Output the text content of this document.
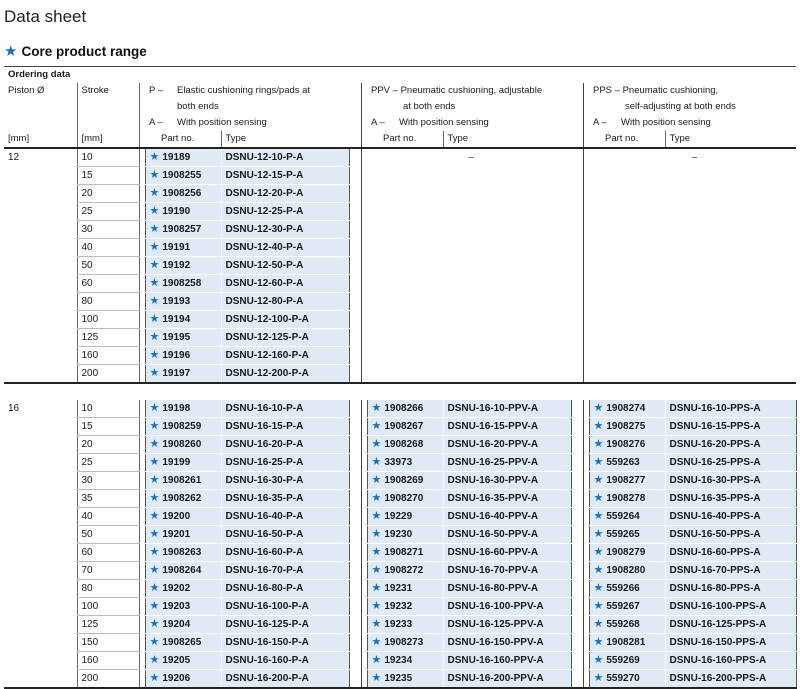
Data sheet
★ Core product range
Ordering data												
Piston Ø	Stroke		P – Elastic cushioning rings/pads at				PPV – Pneumatic cushioning, adjustable				PPS – Pneumatic cushioning,	
			both ends				at both ends				self-adjusting at both ends	
			A – With position sensing				A – With position sensing				A – With position sensing	
[mm]	[mm]		Part no.	Type			Part no.	Type			Part no.	Type
12	10		★ 19189	DSNU-12-10-P-A			–				–	
	15		★ 1908255	DSNU-12-15-P-A								
	20		★ 1908256	DSNU-12-20-P-A								
	25		★ 19190	DSNU-12-25-P-A								
	30		★ 1908257	DSNU-12-30-P-A								
	40		★ 19191	DSNU-12-40-P-A								
	50		★ 19192	DSNU-12-50-P-A								
	60		★ 1908258	DSNU-12-60-P-A								
	80		★ 19193	DSNU-12-80-P-A								
	100		★ 19194	DSNU-12-100-P-A								
	125		★ 19195	DSNU-12-125-P-A								
	160		★ 19196	DSNU-12-160-P-A								
	200		★ 19197	DSNU-12-200-P-A								

16	10		★ 19198	DSNU-16-10-P-A			★ 1908266	DSNU-16-10-PPV-A			★ 1908274	DSNU-16-10-PPS-A
	15		★ 1908259	DSNU-16-15-P-A			★ 1908267	DSNU-16-15-PPV-A			★ 1908275	DSNU-16-15-PPS-A
	20		★ 1908260	DSNU-16-20-P-A			★ 1908268	DSNU-16-20-PPV-A			★ 1908276	DSNU-16-20-PPS-A
	25		★ 19199	DSNU-16-25-P-A			★ 33973	DSNU-16-25-PPV-A			★ 559263	DSNU-16-25-PPS-A
	30		★ 1908261	DSNU-16-30-P-A			★ 1908269	DSNU-16-30-PPV-A			★ 1908277	DSNU-16-30-PPS-A
	35		★ 1908262	DSNU-16-35-P-A			★ 1908270	DSNU-16-35-PPV-A			★ 1908278	DSNU-16-35-PPS-A
	40		★ 19200	DSNU-16-40-P-A			★ 19229	DSNU-16-40-PPV-A			★ 559264	DSNU-16-40-PPS-A
	50		★ 19201	DSNU-16-50-P-A			★ 19230	DSNU-16-50-PPV-A			★ 559265	DSNU-16-50-PPS-A
	60		★ 1908263	DSNU-16-60-P-A			★ 1908271	DSNU-16-60-PPV-A			★ 1908279	DSNU-16-60-PPS-A
	70		★ 1908264	DSNU-16-70-P-A			★ 1908272	DSNU-16-70-PPV-A			★ 1908280	DSNU-16-70-PPS-A
	80		★ 19202	DSNU-16-80-P-A			★ 19231	DSNU-16-80-PPV-A			★ 559266	DSNU-16-80-PPS-A
	100		★ 19203	DSNU-16-100-P-A			★ 19232	DSNU-16-100-PPV-A			★ 559267	DSNU-16-100-PPS-A
	125		★ 19204	DSNU-16-125-P-A			★ 19233	DSNU-16-125-PPV-A			★ 559268	DSNU-16-125-PPS-A
	150		★ 1908265	DSNU-16-150-P-A			★ 1908273	DSNU-16-150-PPV-A			★ 1908281	DSNU-16-150-PPS-A
	160		★ 19205	DSNU-16-160-P-A			★ 19234	DSNU-16-160-PPV-A			★ 559269	DSNU-16-160-PPS-A
	200		★ 19206	DSNU-16-200-P-A			★ 19235	DSNU-16-200-PPV-A			★ 559270	DSNU-16-200-PPS-A
